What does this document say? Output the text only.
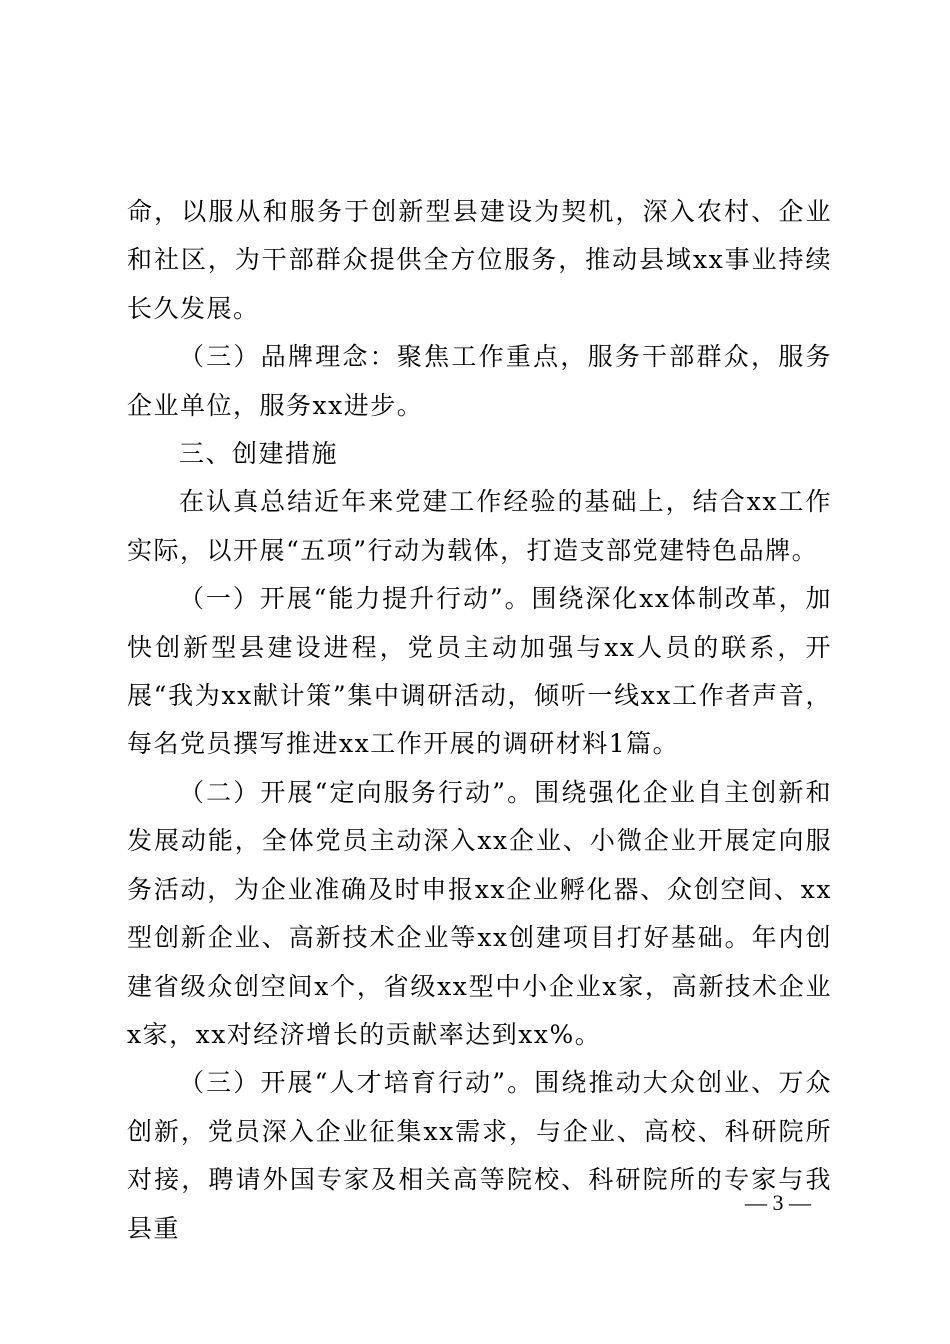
命，以服从和服务于创新型县建设为契机，深入农村、企业和社区，为干部群众提供全方位服务，推动县域xx事业持续长久发展。

（三）品牌理念：聚焦工作重点，服务干部群众，服务企业单位，服务xx进步。

三、创建措施

在认真总结近年来党建工作经验的基础上，结合xx工作实际，以开展“五项”行动为载体，打造支部党建特色品牌。

（一）开展“能力提升行动”。围绕深化xx体制改革，加快创新型县建设进程，党员主动加强与xx人员的联系，开展“我为xx献计策”集中调研活动，倾听一线xx工作者声音，每名党员撰写推进xx工作开展的调研材料1篇。

（二）开展“定向服务行动”。围绕强化企业自主创新和发展动能，全体党员主动深入xx企业、小微企业开展定向服务活动，为企业准确及时申报xx企业孵化器、众创空间、xx型创新企业、高新技术企业等xx创建项目打好基础。年内创建省级众创空间x个，省级xx型中小企业x家，高新技术企业x家，xx对经济增长的贡献率达到xx%。

（三）开展“人才培育行动”。围绕推动大众创业、万众创新，党员深入企业征集xx需求，与企业、高校、科研院所对接，聘请外国专家及相关高等院校、科研院所的专家与我县重

— 3 —
